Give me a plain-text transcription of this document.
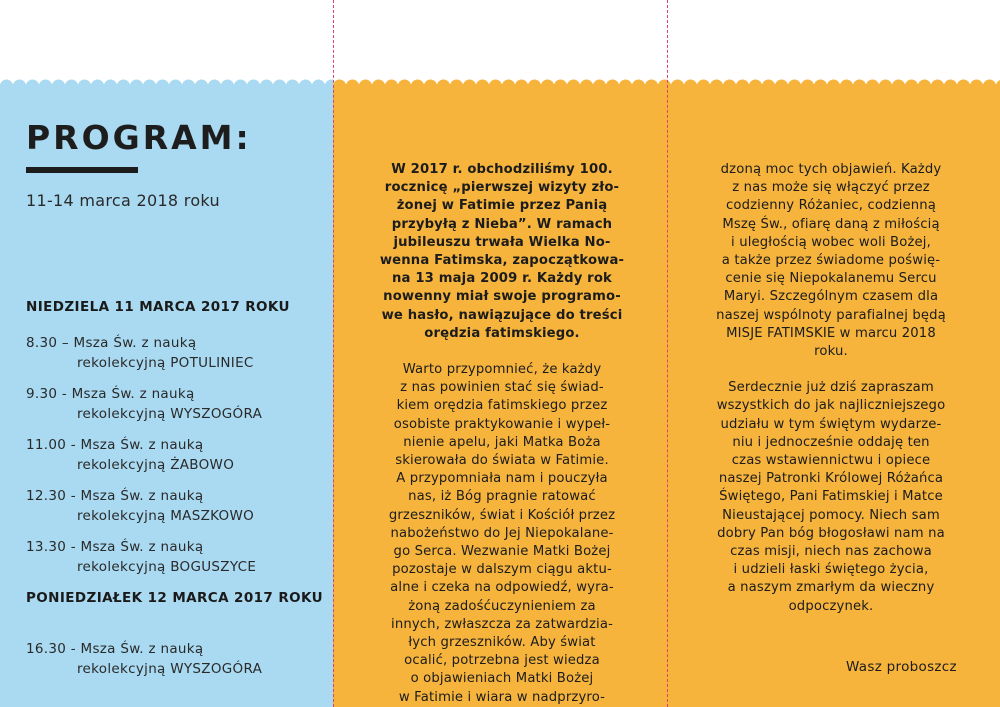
PROGRAM:
11-14 marca 2018 roku
NIEDZIELA 11 MARCA 2017 ROKU
8.30 – Msza Św. z nauką
rekolekcyjną POTULINIEC
9.30 - Msza Św. z nauką
rekolekcyjną WYSZOGÓRA
11.00 - Msza Św. z nauką
rekolekcyjną ŻABOWO
12.30 - Msza Św. z nauką
rekolekcyjną MASZKOWO
13.30 - Msza Św. z nauką
rekolekcyjną BOGUSZYCE
PONIEDZIAŁEK 12 MARCA 2017 ROKU
16.30 - Msza Św. z nauką
rekolekcyjną WYSZOGÓRA

W 2017 r. obchodziliśmy 100.
rocznicę „pierwszej wizyty zło-
żonej w Fatimie przez Panią
przybyłą z Nieba”. W ramach
jubileuszu trwała Wielka No-
wenna Fatimska, zapoczątkowa-
na 13 maja 2009 r. Każdy rok
nowenny miał swoje programo-
we hasło, nawiązujące do treści
orędzia fatimskiego.

Warto przypomnieć, że każdy
z nas powinien stać się świad-
kiem orędzia fatimskiego przez
osobiste praktykowanie i wypeł-
nienie apelu, jaki Matka Boża
skierowała do świata w Fatimie.
A przypomniała nam i pouczyła
nas, iż Bóg pragnie ratować
grzeszników, świat i Kościół przez
nabożeństwo do Jej Niepokalane-
go Serca. Wezwanie Matki Bożej
pozostaje w dalszym ciągu aktu-
alne i czeka na odpowiedź, wyra-
żoną zadośćuczynieniem za
innych, zwłaszcza za zatwardzia-
łych grzeszników. Aby świat
ocalić, potrzebna jest wiedza
o objawieniach Matki Bożej
w Fatimie i wiara w nadprzyro-

dzoną moc tych objawień. Każdy
z nas może się włączyć przez
codzienny Różaniec, codzienną
Mszę Św., ofiarę daną z miłością
i uległością wobec woli Bożej,
a także przez świadome poświę-
cenie się Niepokalanemu Sercu
Maryi. Szczególnym czasem dla
naszej wspólnoty parafialnej będą
MISJE FATIMSKIE w marcu 2018
roku.

Serdecznie już dziś zapraszam
wszystkich do jak najliczniejszego
udziału w tym świętym wydarze-
niu i jednocześnie oddaję ten
czas wstawiennictwu i opiece
naszej Patronki Królowej Różańca
Świętego, Pani Fatimskiej i Matce
Nieustającej pomocy. Niech sam
dobry Pan bóg błogosławi nam na
czas misji, niech nas zachowa
i udzieli łaski świętego życia,
a naszym zmarłym da wieczny
odpoczynek.

Wasz proboszcz
